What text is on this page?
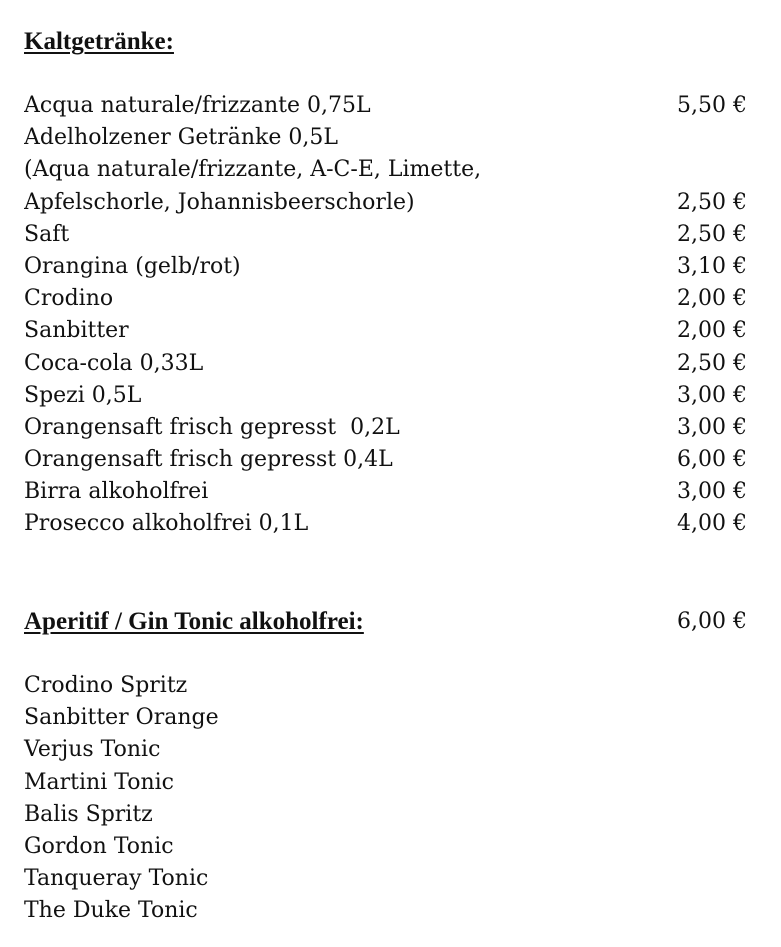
Kaltgetränke:
Acqua naturale/frizzante 0,75L	5,50 €
Adelholzener Getränke 0,5L
(Aqua naturale/frizzante, A-C-E, Limette,
Apfelschorle, Johannisbeerschorle)	2,50 €
Saft	2,50 €
Orangina (gelb/rot)	3,10 €
Crodino	2,00 €
Sanbitter	2,00 €
Coca-cola 0,33L	2,50 €
Spezi 0,5L	3,00 €
Orangensaft frisch gepresst  0,2L	3,00 €
Orangensaft frisch gepresst 0,4L	6,00 €
Birra alkoholfrei	3,00 €
Prosecco alkoholfrei 0,1L	4,00 €
Aperitif / Gin Tonic alkoholfrei:	6,00 €
Crodino Spritz
Sanbitter Orange
Verjus Tonic
Martini Tonic
Balis Spritz
Gordon Tonic
Tanqueray Tonic
The Duke Tonic
